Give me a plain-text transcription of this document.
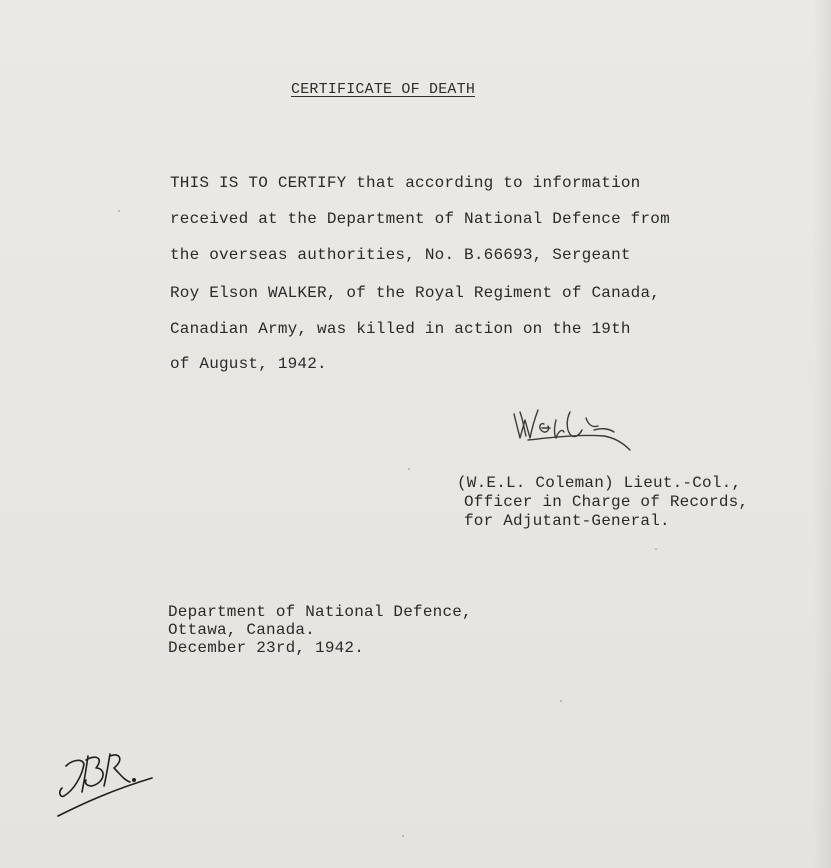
CERTIFICATE OF DEATH
THIS IS TO CERTIFY that according to information
received at the Department of National Defence from
the overseas authorities, No. B.66693, Sergeant
Roy Elson WALKER, of the Royal Regiment of Canada,
Canadian Army, was killed in action on the 19th
of August, 1942.
(W.E.L. Coleman) Lieut.-Col.,
Officer in Charge of Records,
for Adjutant-General.
Department of National Defence,
Ottawa, Canada.
December 23rd, 1942.
